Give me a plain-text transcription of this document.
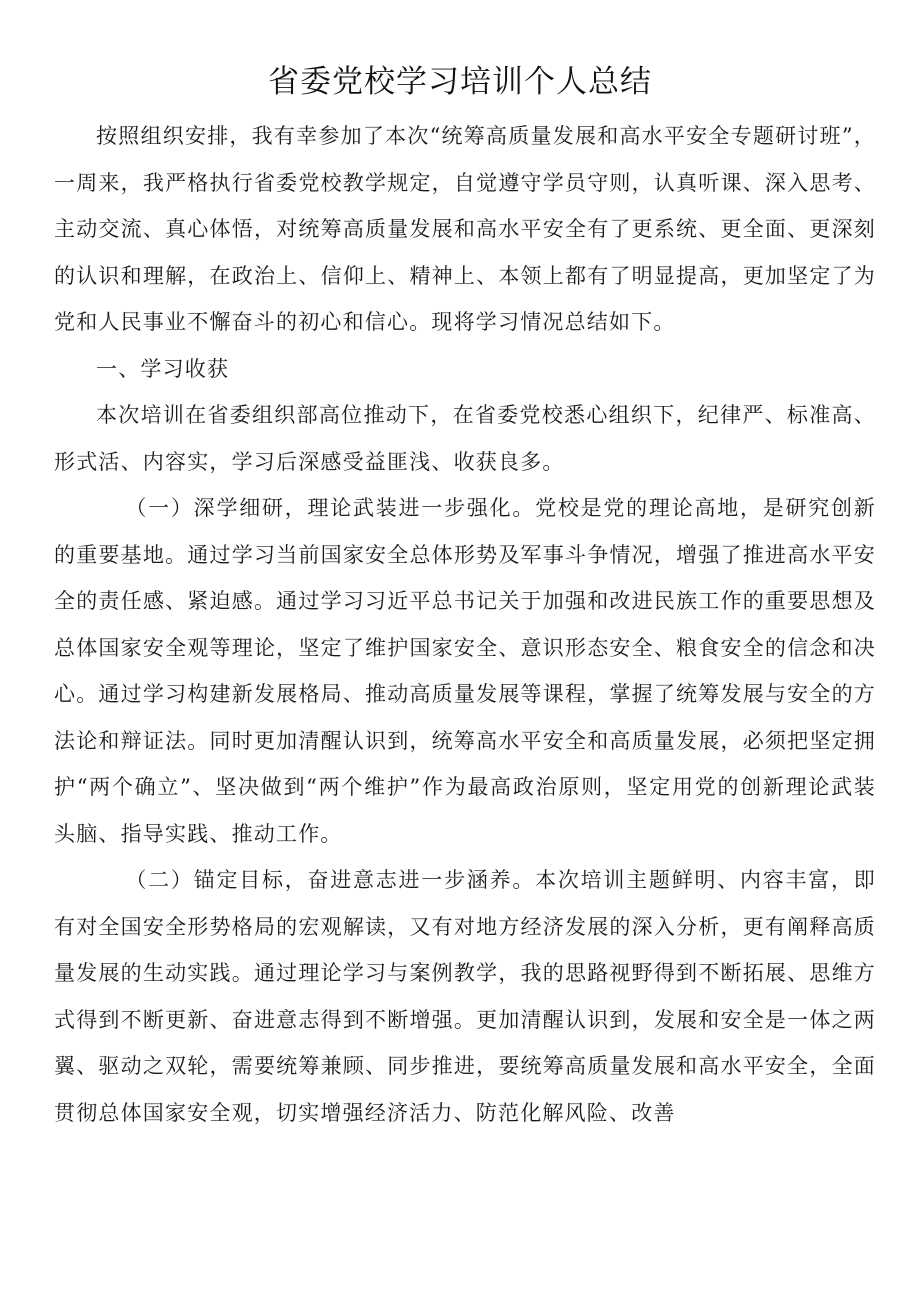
省委党校学习培训个人总结

按照组织安排，我有幸参加了本次“统筹高质量发展和高水平安全专题研讨班”，一周来，我严格执行省委党校教学规定，自觉遵守学员守则，认真听课、深入思考、主动交流、真心体悟，对统筹高质量发展和高水平安全有了更系统、更全面、更深刻的认识和理解，在政治上、信仰上、精神上、本领上都有了明显提高，更加坚定了为党和人民事业不懈奋斗的初心和信心。现将学习情况总结如下。

一、学习收获

本次培训在省委组织部高位推动下，在省委党校悉心组织下，纪律严、标准高、形式活、内容实，学习后深感受益匪浅、收获良多。

（一）深学细研，理论武装进一步强化。党校是党的理论高地，是研究创新的重要基地。通过学习当前国家安全总体形势及军事斗争情况，增强了推进高水平安全的责任感、紧迫感。通过学习习近平总书记关于加强和改进民族工作的重要思想及总体国家安全观等理论，坚定了维护国家安全、意识形态安全、粮食安全的信念和决心。通过学习构建新发展格局、推动高质量发展等课程，掌握了统筹发展与安全的方法论和辩证法。同时更加清醒认识到，统筹高水平安全和高质量发展，必须把坚定拥护“两个确立”、坚决做到“两个维护”作为最高政治原则，坚定用党的创新理论武装头脑、指导实践、推动工作。

（二）锚定目标，奋进意志进一步涵养。本次培训主题鲜明、内容丰富，即有对全国安全形势格局的宏观解读，又有对地方经济发展的深入分析，更有阐释高质量发展的生动实践。通过理论学习与案例教学，我的思路视野得到不断拓展、思维方式得到不断更新、奋进意志得到不断增强。更加清醒认识到，发展和安全是一体之两翼、驱动之双轮，需要统筹兼顾、同步推进，要统筹高质量发展和高水平安全，全面贯彻总体国家安全观，切实增强经济活力、防范化解风险、改善
